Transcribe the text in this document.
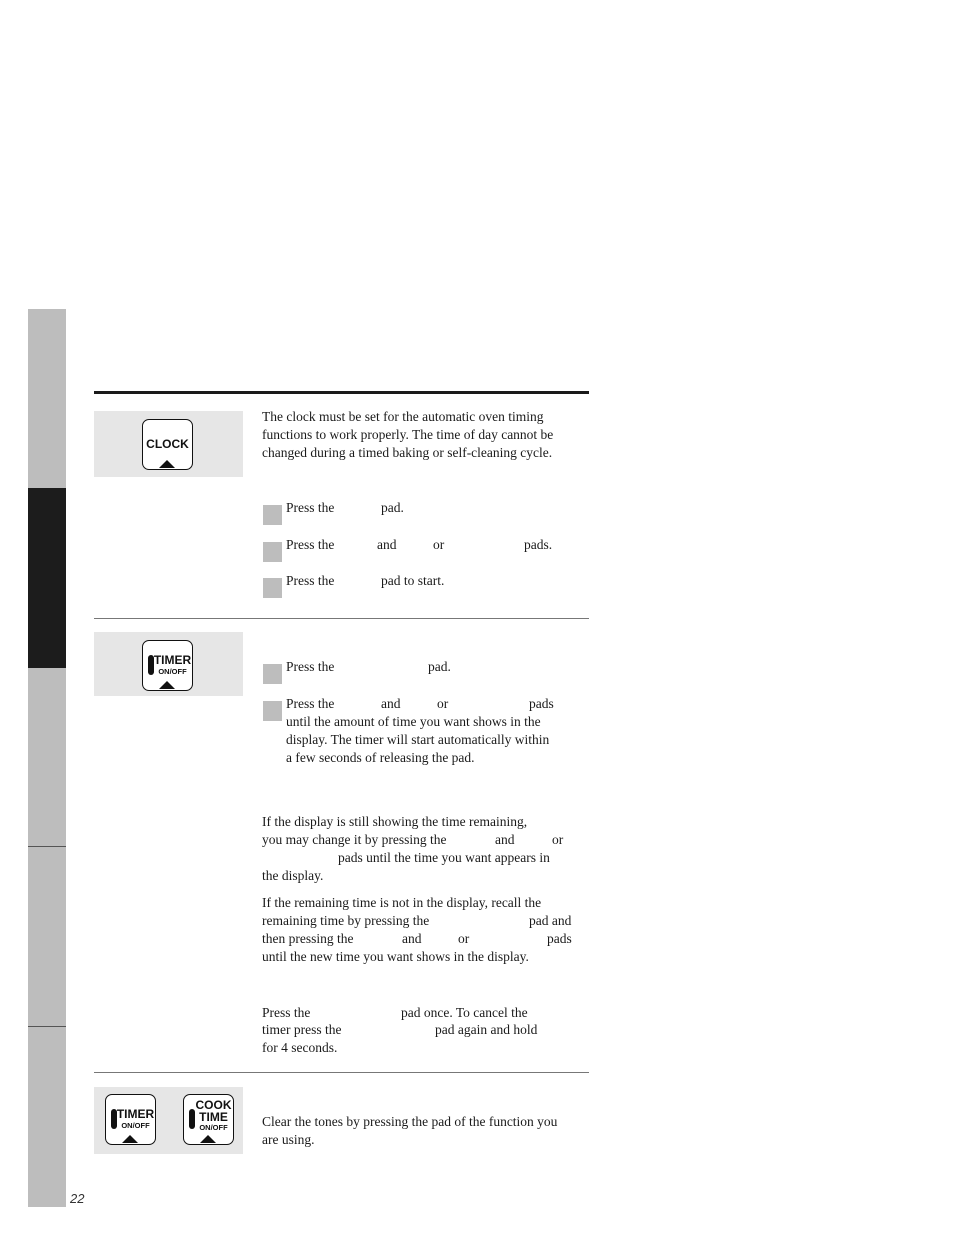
CLOCK
The clock must be set for the automatic oven timing
functions to work properly. The time of day cannot be
changed during a timed baking or self-cleaning cycle.
Press the	pad.
Press the	and	or	pads.
Press the	pad to start.
TIMER
ON/OFF	Press the	pad.
Press the	and	or	pads
until the amount of time you want shows in the
display. The timer will start automatically within
a few seconds of releasing the pad.
If the display is still showing the time remaining,
you may change it by pressing the	and	or
pads until the time you want appears in
the display.
If the remaining time is not in the display, recall the
remaining time by pressing the	pad and
then pressing the	and	or	pads
until the new time you want shows in the display.
Press the	pad once. To cancel the
timer press the	pad again and hold
for 4 seconds.
TIMER
ON/OFF
COOK
TIME
ON/OFF	Clear the tones by pressing the pad of the function you
are using.
22
